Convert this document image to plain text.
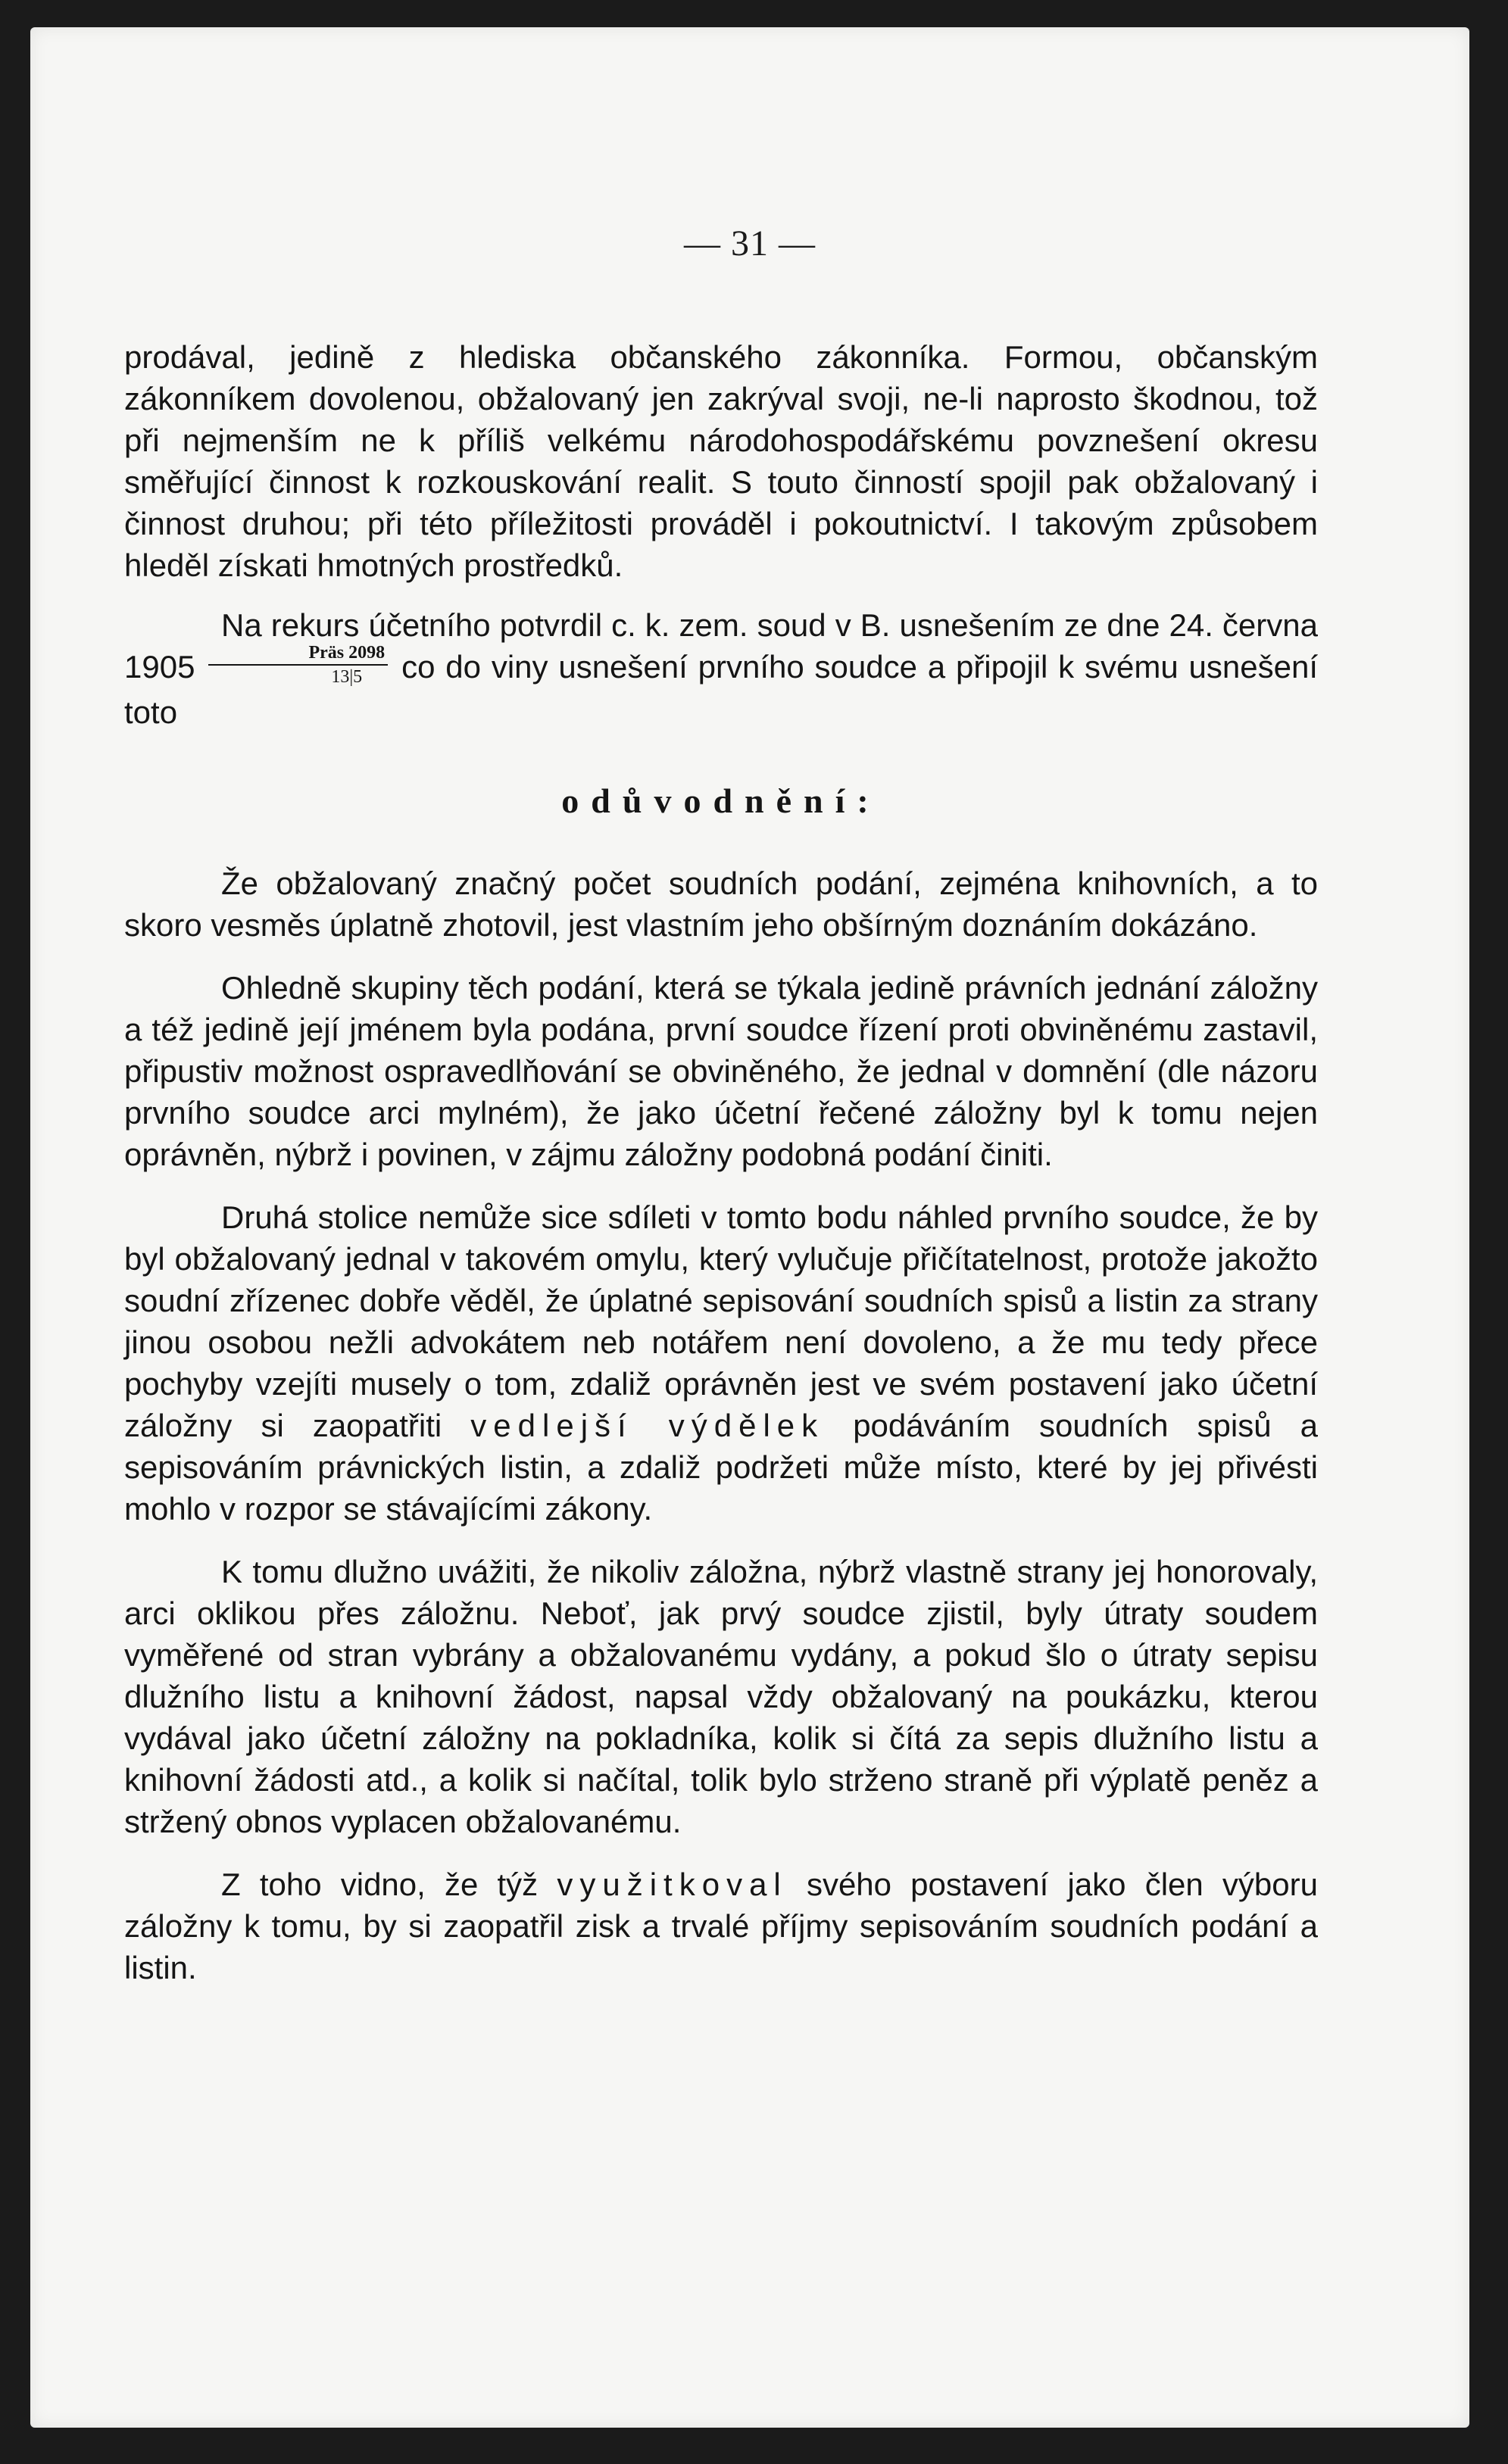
— 31 —

prodával, jedině z hlediska občanského zákonníka. Formou, občanským zákonníkem dovolenou, obžalovaný jen zakrýval svoji, ne-li naprosto škodnou, tož při nejmenším ne k příliš velkému národohospodářskému povznešení okresu směřující činnost k rozkouskování realit. S touto činností spojil pak obžalovaný i činnost druhou; při této příležitosti prováděl i pokoutnictví. I takovým způsobem hleděl získati hmotných prostředků.

Na rekurs účetního potvrdil c. k. zem. soud v B. usnešením ze dne 24. června $1905 \frac{\text{Präs 2098}}{13|5}$ co do viny usnešení prvního soudce a připojil k svému usnešení toto

odůvodnění:

Že obžalovaný značný počet soudních podání, zejména knihovních, a to skoro vesměs úplatně zhotovil, jest vlastním jeho obšírným doznáním dokázáno.

Ohledně skupiny těch podání, která se týkala jedině právních jednání záložny a též jedině její jménem byla podána, první soudce řízení proti obviněnému zastavil, připustiv možnost ospravedlňování se obviněného, že jednal v domnění (dle názoru prvního soudce arci mylném), že jako účetní řečené záložny byl k tomu nejen oprávněn, nýbrž i povinen, v zájmu záložny podobná podání činiti.

Druhá stolice nemůže sice sdíleti v tomto bodu náhled prvního soudce, že by byl obžalovaný jednal v takovém omylu, který vylučuje přičítatelnost, protože jakožto soudní zřízenec dobře věděl, že úplatné sepisování soudních spisů a listin za strany jinou osobou nežli advokátem neb notářem není dovoleno, a že mu tedy přece pochyby vzejíti musely o tom, zdaliž oprávněn jest ve svém postavení jako účetní záložny si zaopatřiti vedlejší výdělek podáváním soudních spisů a sepisováním právnických listin, a zdaliž podržeti může místo, které by jej přivésti mohlo v rozpor se stávajícími zákony.

K tomu dlužno uvážiti, že nikoliv záložna, nýbrž vlastně strany jej honorovaly, arci oklikou přes záložnu. Neboť, jak prvý soudce zjistil, byly útraty soudem vyměřené od stran vybrány a obžalovanému vydány, a pokud šlo o útraty sepisu dlužního listu a knihovní žádost, napsal vždy obžalovaný na poukázku, kterou vydával jako účetní záložny na pokladníka, kolik si čítá za sepis dlužního listu a knihovní žádosti atd., a kolik si načítal, tolik bylo strženo straně při výplatě peněz a stržený obnos vyplacen obžalovanému.

Z toho vidno, že týž využitkoval svého postavení jako člen výboru záložny k tomu, by si zaopatřil zisk a trvalé příjmy sepisováním soudních podání a listin.
